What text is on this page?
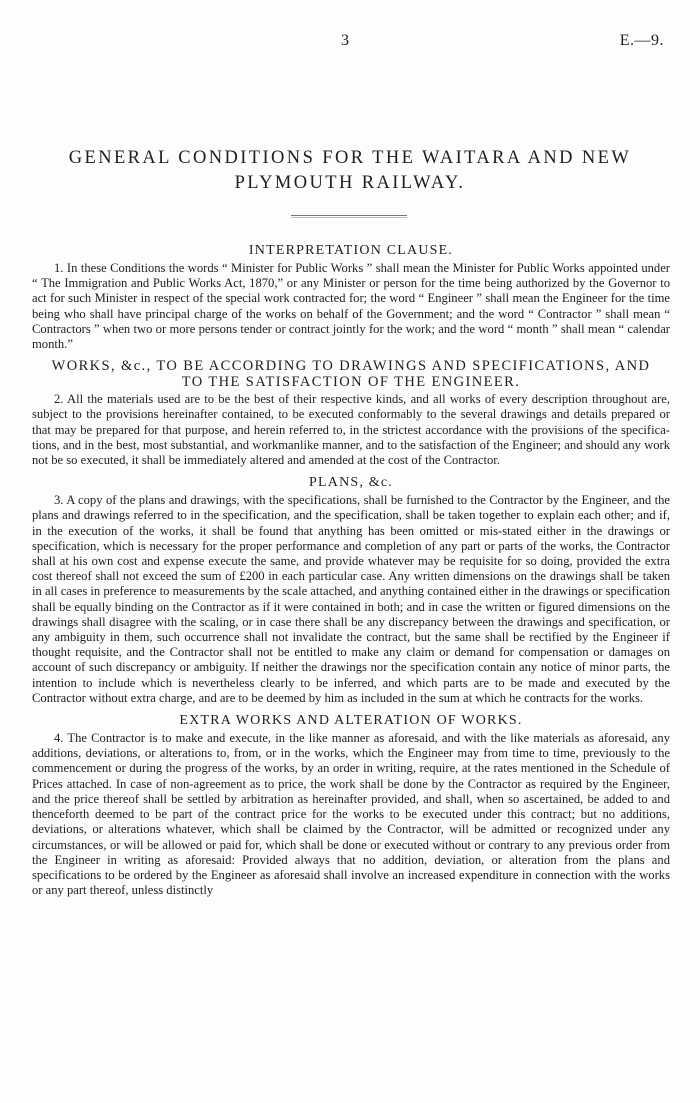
3	E.—9.
GENERAL CONDITIONS FOR THE WAITARA AND NEW
PLYMOUTH RAILWAY.
INTERPRETATION CLAUSE.

1. In these Conditions the words “ Minister for Public Works ” shall mean the Minister for Public Works appointed under “ The Immigration and Public Works Act, 1870,” or any Minister or person for the time being authorized by the Governor to act for such Minister in respect of the special work contracted for; the word “ Engineer ” shall mean the Engineer for the time being who shall have principal charge of the works on behalf of the Government; and the word “ Contractor ” shall mean “ Contractors ” when two or more persons tender or contract jointly for the work; and the word “ month ” shall mean “ calendar month.”

WORKS, &c., TO BE ACCORDING TO DRAWINGS AND SPECIFICATIONS, AND
TO THE SATISFACTION OF THE ENGINEER.

2. All the materials used are to be the best of their respective kinds, and all works of every description throughout are, subject to the provisions hereinafter contained, to be executed conformably to the several drawings and details prepared or that may be prepared for that purpose, and herein referred to, in the strictest accordance with the provisions of the specifications, and in the best, most substantial, and workmanlike manner, and to the satisfaction of the Engineer; and should any work not be so executed, it shall be immediately altered and amended at the cost of the Contractor.

PLANS, &c.

3. A copy of the plans and drawings, with the specifications, shall be furnished to the Contractor by the Engineer, and the plans and drawings referred to in the specification, and the specification, shall be taken together to explain each other; and if, in the execution of the works, it shall be found that anything has been omitted or mis-stated either in the drawings or specification, which is necessary for the proper performance and completion of any part or parts of the works, the Contractor shall at his own cost and expense execute the same, and provide whatever may be requisite for so doing, provided the extra cost thereof shall not exceed the sum of £200 in each particular case. Any written dimensions on the drawings shall be taken in all cases in preference to measurements by the scale attached, and anything contained either in the drawings or specification shall be equally binding on the Contractor as if it were contained in both; and in case the written or figured dimensions on the drawings shall disagree with the scaling, or in case there shall be any discrepancy between the drawings and specification, or any ambiguity in them, such occurrence shall not invalidate the contract, but the same shall be rectified by the Engineer if thought requisite, and the Contractor shall not be entitled to make any claim or demand for compensation or damages on account of such discrepancy or ambiguity. If neither the drawings nor the specification contain any notice of minor parts, the intention to include which is nevertheless clearly to be inferred, and which parts are to be made and executed by the Contractor without extra charge, and are to be deemed by him as included in the sum at which he contracts for the works.

EXTRA WORKS AND ALTERATION OF WORKS.

4. The Contractor is to make and execute, in the like manner as aforesaid, and with the like materials as aforesaid, any additions, deviations, or alterations to, from, or in the works, which the Engineer may from time to time, previously to the commencement or during the progress of the works, by an order in writing, require, at the rates mentioned in the Schedule of Prices attached. In case of non-agreement as to price, the work shall be done by the Contractor as required by the Engineer, and the price thereof shall be settled by arbitration as hereinafter provided, and shall, when so ascertained, be added to and thenceforth deemed to be part of the contract price for the works to be executed under this contract; but no additions, deviations, or alterations whatever, which shall be claimed by the Contractor, will be admitted or recognized under any circumstances, or will be allowed or paid for, which shall be done or executed without or contrary to any previous order from the Engineer in writing as aforesaid: Provided always that no addition, deviation, or alteration from the plans and specifications to be ordered by the Engineer as aforesaid shall involve an increased expenditure in connection with the works or any part thereof, unless distinctly
